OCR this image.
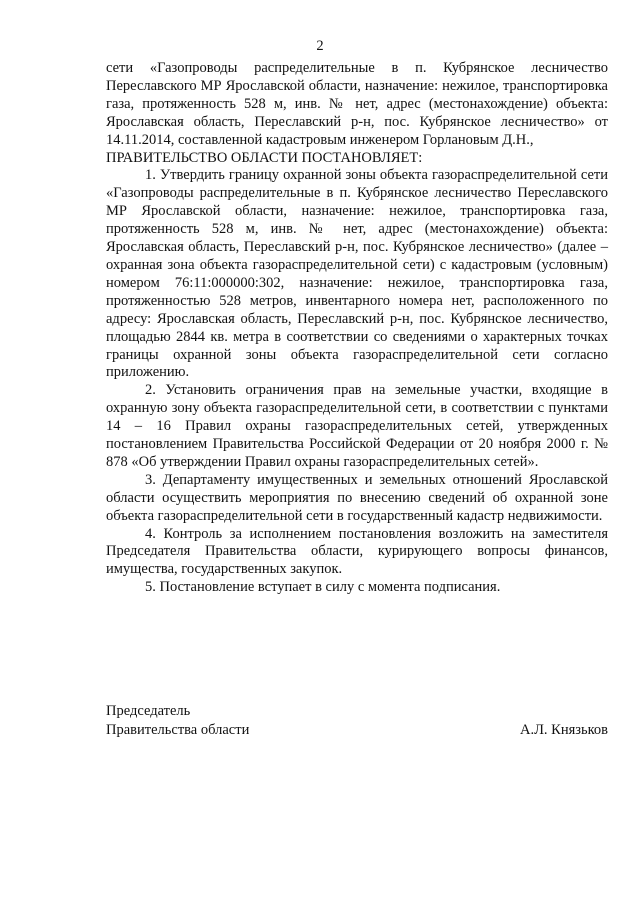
2

сети «Газопроводы распределительные в п. Кубрянское лесничество Переславского МР Ярославской области, назначение: нежилое, транспортировка газа, протяженность 528 м, инв. № нет, адрес (местонахождение) объекта: Ярославская область, Переславский р-н, пос. Кубрянское лесничество» от 14.11.2014, составленной кадастровым инженером Горлановым Д.Н.,

ПРАВИТЕЛЬСТВО ОБЛАСТИ ПОСТАНОВЛЯЕТ:

1. Утвердить границу охранной зоны объекта газораспределительной сети «Газопроводы распределительные в п. Кубрянское лесничество Переславского МР Ярославской области, назначение: нежилое, транспортировка газа, протяженность 528 м, инв. № нет, адрес (местонахождение) объекта: Ярославская область, Переславский р-н, пос. Кубрянское лесничество» (далее – охранная зона объекта газораспределительной сети) с кадастровым (условным) номером 76:11:000000:302, назначение: нежилое, транспортировка газа, протяженностью 528 метров, инвентарного номера нет, расположенного по адресу: Ярославская область, Переславский р-н, пос. Кубрянское лесничество, площадью 2844 кв. метра в соответствии со сведениями о характерных точках границы охранной зоны объекта газораспределительной сети согласно приложению.

2. Установить ограничения прав на земельные участки, входящие в охранную зону объекта газораспределительной сети, в соответствии с пунктами 14 – 16 Правил охраны газораспределительных сетей, утвержденных постановлением Правительства Российской Федерации от 20 ноября 2000 г. № 878 «Об утверждении Правил охраны газораспределительных сетей».

3. Департаменту имущественных и земельных отношений Ярославской области осуществить мероприятия по внесению сведений об охранной зоне объекта газораспределительной сети в государственный кадастр недвижимости.

4. Контроль за исполнением постановления возложить на заместителя Председателя Правительства области, курирующего вопросы финансов, имущества, государственных закупок.

5. Постановление вступает в силу с момента подписания.

Председатель
Правительства области	А.Л. Князьков
